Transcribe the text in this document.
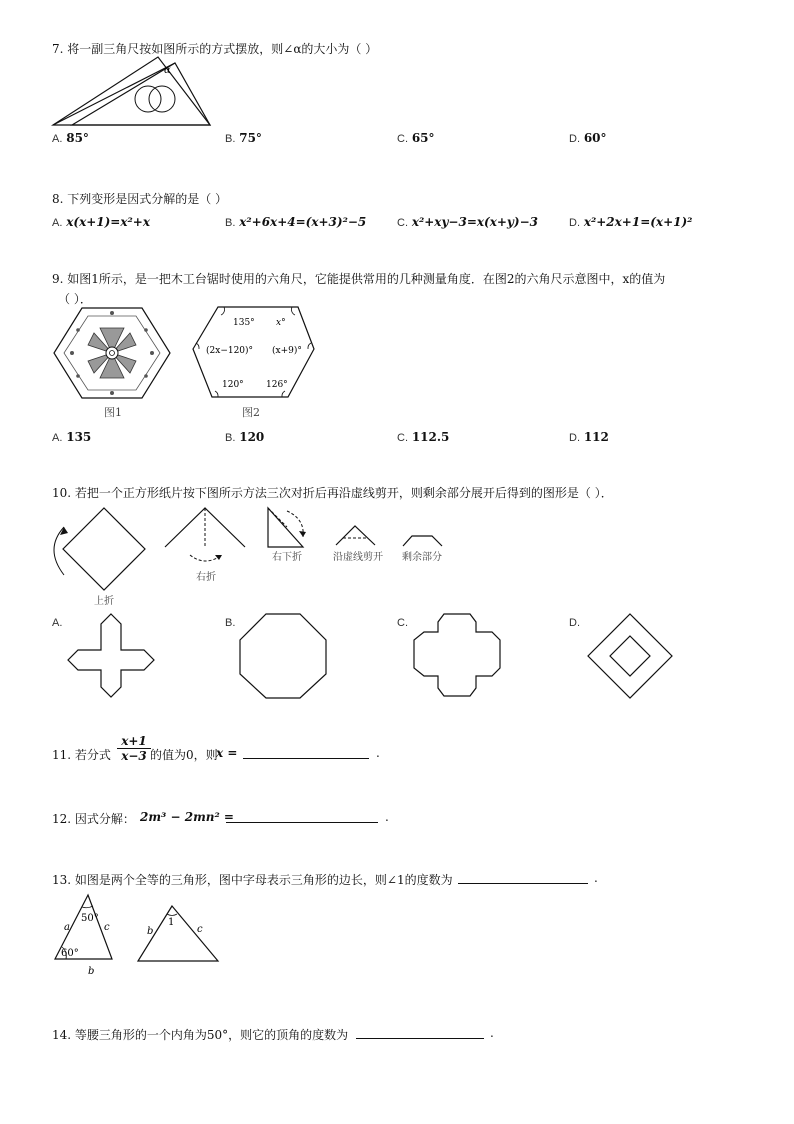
7. 将一副三角尺按如图所示的方式摆放，则∠α的大小为（ ）
α
A. 85°	B. 75°	C. 65°	D. 60°
8. 下列变形是因式分解的是（ ）
A. x(x+1)=x²+x	B. x²+6x+4=(x+3)²−5	C. x²+xy−3=x(x+y)−3	D. x²+2x+1=(x+1)²
9. 如图1所示，是一把木工台锯时使用的六角尺，它能提供常用的几种测量角度．在图2的六角尺示意图中，x的值为
（ ）．
图1
135° x°
(2x−120)° (x+9)°
120° 126°
图2
A. 135	B. 120	C. 112.5	D. 112
10. 若把一个正方形纸片按下图所示方法三次对折后再沿虚线剪开，则剩余部分展开后得到的图形是（ ）．
上折
右折
右下折	沿虚线剪开 剩余部分
A.	B.	C.	D.
11. 若分式 $\frac{x+1}{x-3}$ 的值为0，则
x =	.
12. 因式分解： 2m³ − 2mn² =	.
13. 如图是两个全等的三角形，图中字母表示三角形的边长，则∠1的度数为	.
50°
60°
a	c
b
1
b	c
14. 等腰三角形的一个内角为50°，则它的顶角的度数为	.
